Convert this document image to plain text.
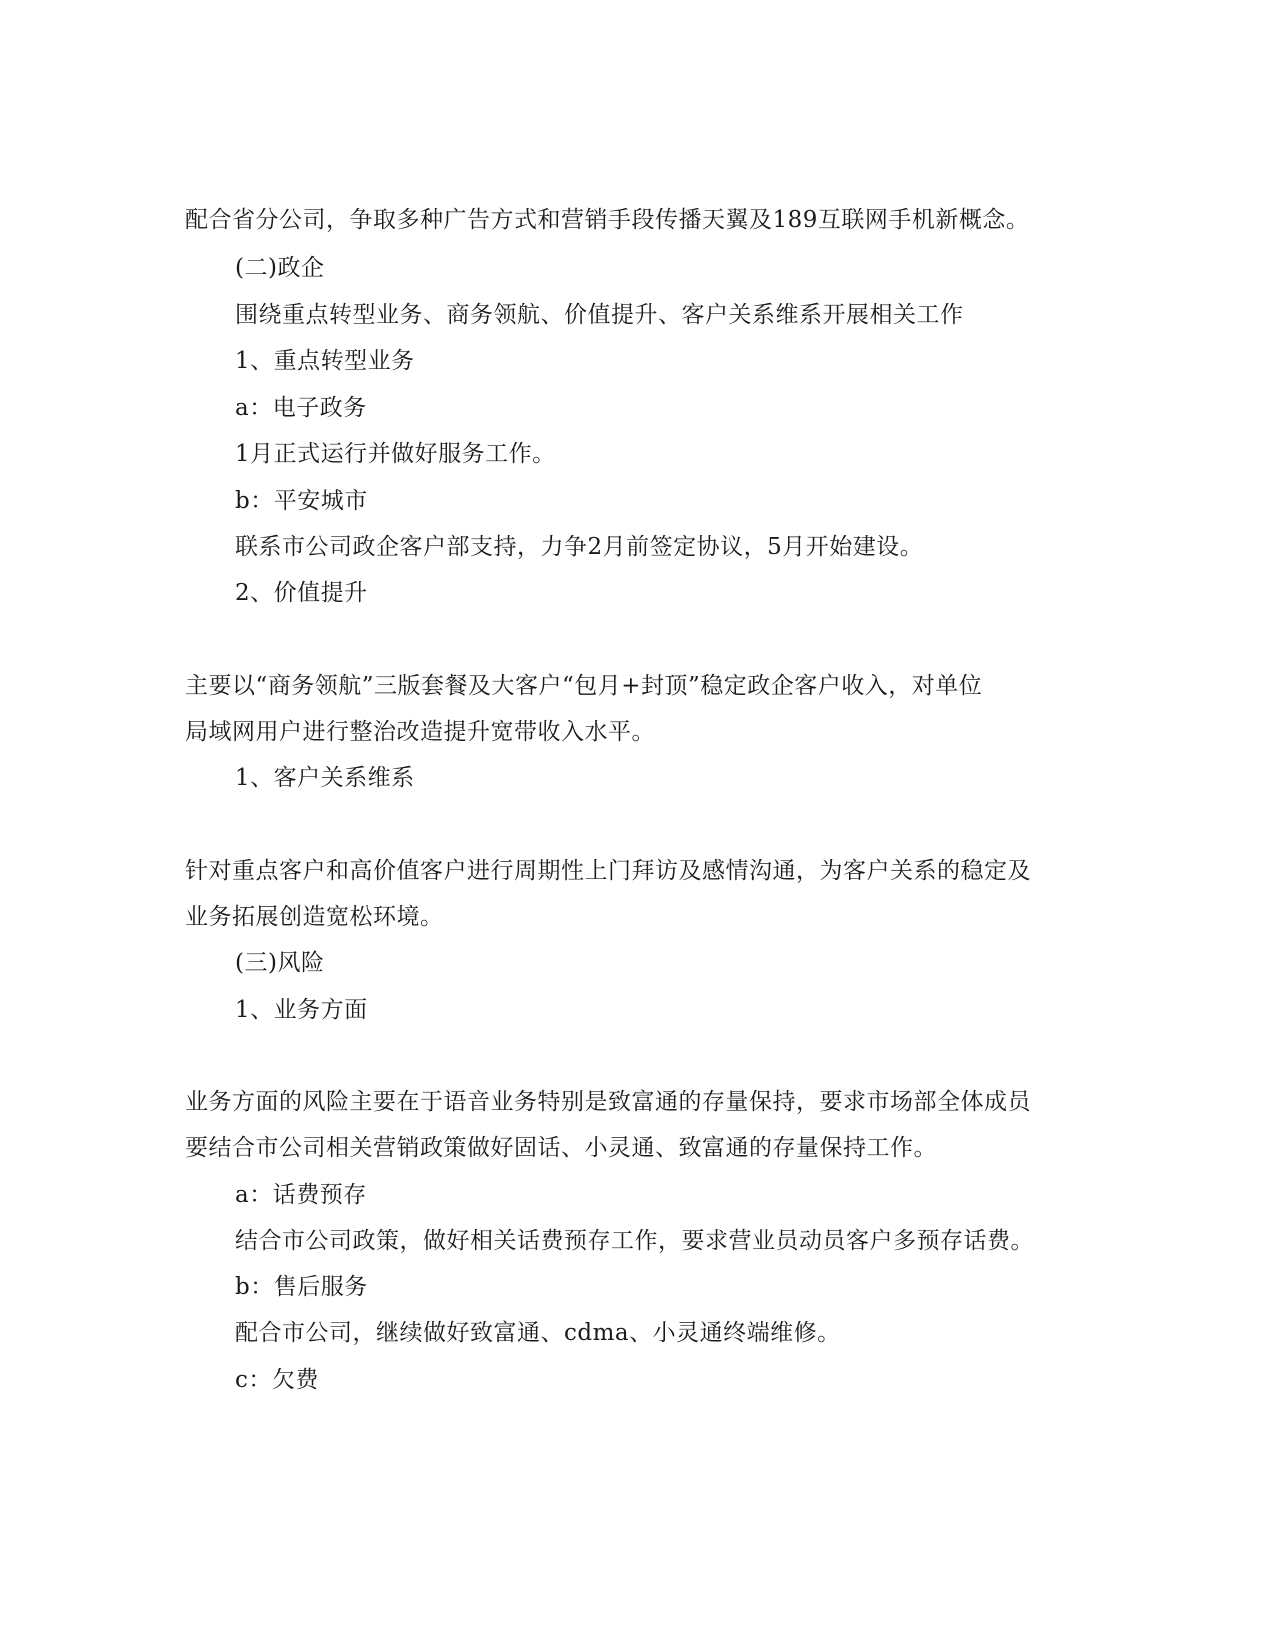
配合省分公司，争取多种广告方式和营销手段传播天翼及189互联网手机新概念。
(二)政企
围绕重点转型业务、商务领航、价值提升、客户关系维系开展相关工作
1、重点转型业务
a：电子政务
1月正式运行并做好服务工作。
b：平安城市
联系市公司政企客户部支持，力争2月前签定协议，5月开始建设。
2、价值提升
主要以“商务领航”三版套餐及大客户“包月+封顶”稳定政企客户收入，对单位
局域网用户进行整治改造提升宽带收入水平。
1、客户关系维系
针对重点客户和高价值客户进行周期性上门拜访及感情沟通，为客户关系的稳定及
业务拓展创造宽松环境。
(三)风险
1、业务方面
业务方面的风险主要在于语音业务特别是致富通的存量保持，要求市场部全体成员
要结合市公司相关营销政策做好固话、小灵通、致富通的存量保持工作。
a：话费预存
结合市公司政策，做好相关话费预存工作，要求营业员动员客户多预存话费。
b：售后服务
配合市公司，继续做好致富通、cdma、小灵通终端维修。
c：欠费
